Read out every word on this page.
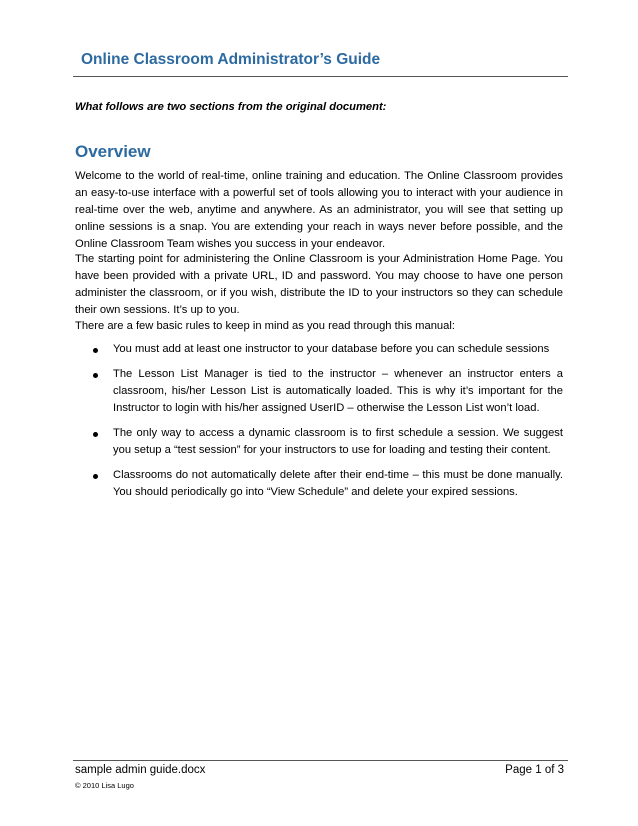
Online Classroom Administrator’s Guide
What follows are two sections from the original document:
Overview
Welcome to the world of real-time, online training and education. The Online Classroom provides an easy-to-use interface with a powerful set of tools allowing you to interact with your audience in real-time over the web, anytime and anywhere. As an administrator, you will see that setting up online sessions is a snap. You are extending your reach in ways never before possible, and the Online Classroom Team wishes you success in your endeavor.
The starting point for administering the Online Classroom is your Administration Home Page. You have been provided with a private URL, ID and password. You may choose to have one person administer the classroom, or if you wish, distribute the ID to your instructors so they can schedule their own sessions. It’s up to you.
There are a few basic rules to keep in mind as you read through this manual:
You must add at least one instructor to your database before you can schedule sessions
The Lesson List Manager is tied to the instructor – whenever an instructor enters a classroom, his/her Lesson List is automatically loaded. This is why it’s important for the Instructor to login with his/her assigned UserID – otherwise the Lesson List won’t load.
The only way to access a dynamic classroom is to first schedule a session. We suggest you setup a “test session” for your instructors to use for loading and testing their content.
Classrooms do not automatically delete after their end-time – this must be done manually. You should periodically go into “View Schedule” and delete your expired sessions.
sample admin guide.docx	Page 1 of 3
© 2010 Lisa Lugo
